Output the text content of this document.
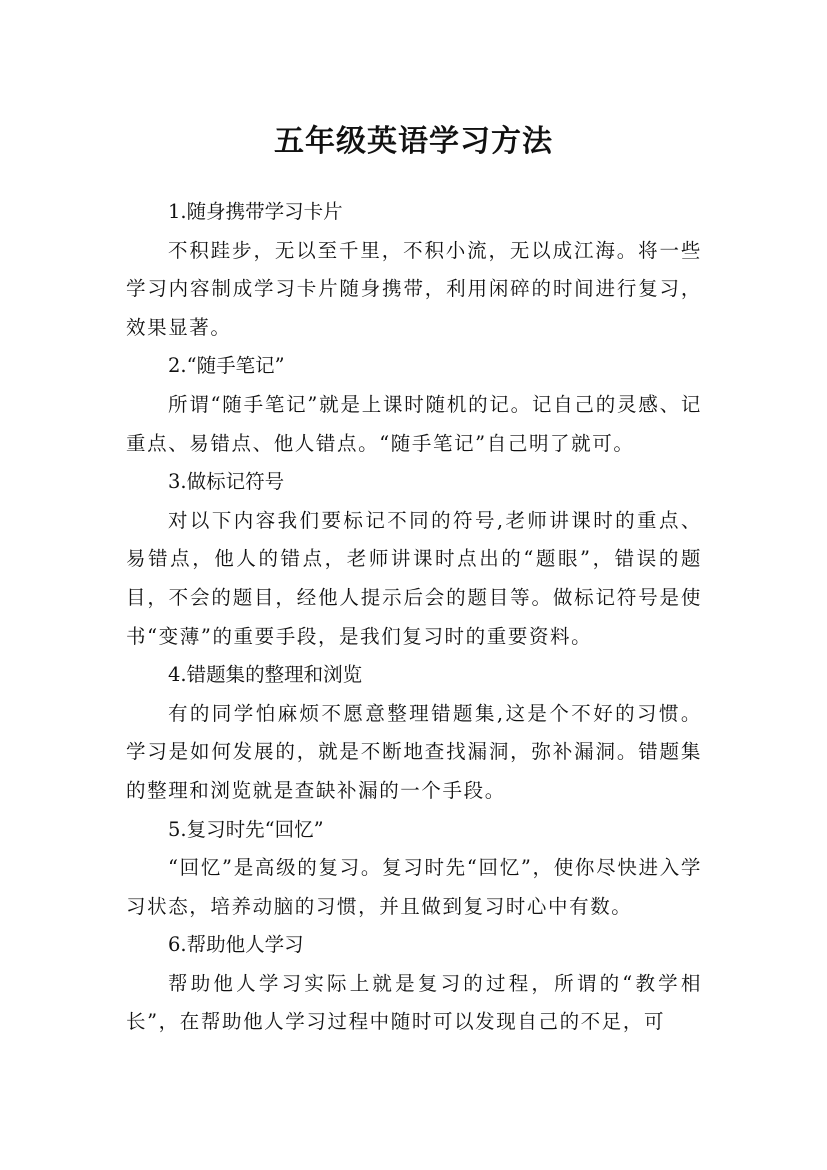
五年级英语学习方法

1.随身携带学习卡片

不积跬步，无以至千里，不积小流，无以成江海。将一些学习内容制成学习卡片随身携带，利用闲碎的时间进行复习，效果显著。

2.“随手笔记”

所谓“随手笔记”就是上课时随机的记。记自己的灵感、记重点、易错点、他人错点。“随手笔记”自己明了就可。

3.做标记符号

对以下内容我们要标记不同的符号,老师讲课时的重点、易错点，他人的错点，老师讲课时点出的“题眼”，错误的题目，不会的题目，经他人提示后会的题目等。做标记符号是使书“变薄”的重要手段，是我们复习时的重要资料。

4.错题集的整理和浏览

有的同学怕麻烦不愿意整理错题集,这是个不好的习惯。学习是如何发展的，就是不断地查找漏洞，弥补漏洞。错题集的整理和浏览就是查缺补漏的一个手段。

5.复习时先“回忆”

“回忆”是高级的复习。复习时先“回忆”，使你尽快进入学习状态，培养动脑的习惯，并且做到复习时心中有数。

6.帮助他人学习

帮助他人学习实际上就是复习的过程，所谓的“教学相长”，在帮助他人学习过程中随时可以发现自己的不足，可
